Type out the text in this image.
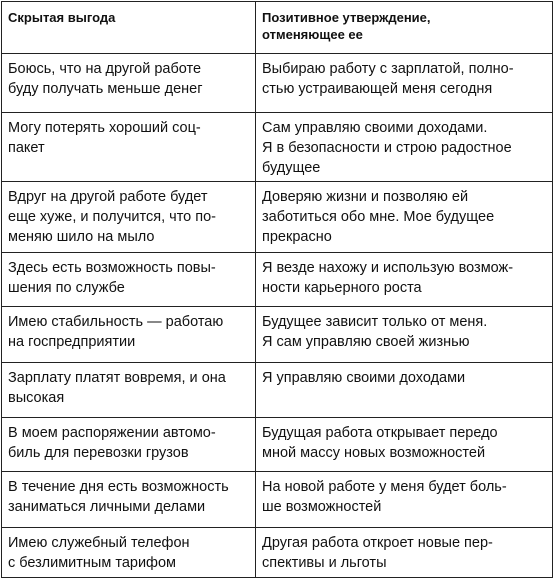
Скрытая выгода	Позитивное утверждение,
отменяющее ее

Боюсь, что на другой работе
буду получать меньше денег	Выбираю работу с зарплатой, полно-
стью устраивающей меня сегодня

Могу потерять хороший соц-
пакет	Сам управляю своими доходами.
Я в безопасности и строю радостное
будущее

Вдруг на другой работе будет
еще хуже, и получится, что по-
меняю шило на мыло	Доверяю жизни и позволяю ей
заботиться обо мне. Мое будущее
прекрасно

Здесь есть возможность повы-
шения по службе	Я везде нахожу и использую возмож-
ности карьерного роста

Имею стабильность — работаю
на госпредприятии	Будущее зависит только от меня.
Я сам управляю своей жизнью

Зарплату платят вовремя, и она
высокая	Я управляю своими доходами

В моем распоряжении автомо-
биль для перевозки грузов	Будущая работа открывает передо
мной массу новых возможностей

В течение дня есть возможность
заниматься личными делами	На новой работе у меня будет боль-
ше возможностей

Имею служебный телефон
с безлимитным тарифом	Другая работа откроет новые пер-
спективы и льготы
